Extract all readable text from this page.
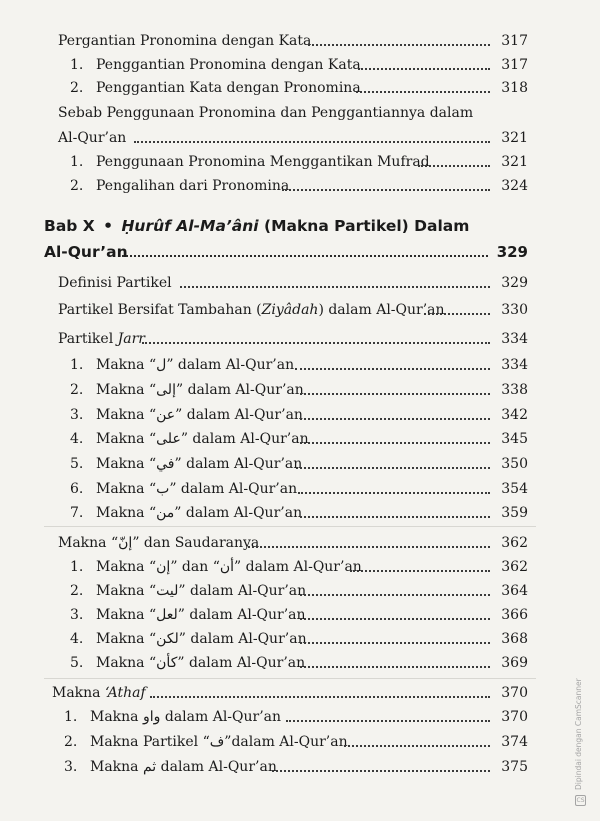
Pergantian Pronomina dengan Kata	317
1. Penggantian Pronomina dengan Kata	317
2. Penggantian Kata dengan Pronomina	318
Sebab Penggunaan Pronomina dan Penggantiannya dalam
Al-Qur’an	321
1. Penggunaan Pronomina Menggantikan Mufrad	321
2. Pengalihan dari Pronomina	324
Bab X • Ḥurûf Al-Ma’âni (Makna Partikel) Dalam
Al-Qur’an	329
Definisi Partikel	329
Partikel Bersifat Tambahan (Ziyâdah) dalam Al-Qur’an	330
Partikel Jarr	334
1. Makna “ﻝ” dalam Al-Qur’an	334
2. Makna “إلى” dalam Al-Qur’an	338
3. Makna “عن” dalam Al-Qur’an	342
4. Makna “على” dalam Al-Qur’an	345
5. Makna “في” dalam Al-Qur’an	350
6. Makna “ﺏ” dalam Al-Qur’an	354
7. Makna “من” dalam Al-Qur’an	359
Makna “إنّ” dan Saudaranya	362
1. Makna “إن” dan “أن” dalam Al-Qur’an	362
2. Makna “ليت” dalam Al-Qur’an	364
3. Makna “لعل” dalam Al-Qur’an	366
4. Makna “لكن” dalam Al-Qur’an	368
5. Makna “كأن” dalam Al-Qur’an	369
Makna ‘Athaf	370
1. Makna واو dalam Al-Qur’an	370
2. Makna Partikel “ف”dalam Al-Qur’an	374
3. Makna ثم dalam Al-Qur’an	375	Dipindai dengan CamScanner
CS
